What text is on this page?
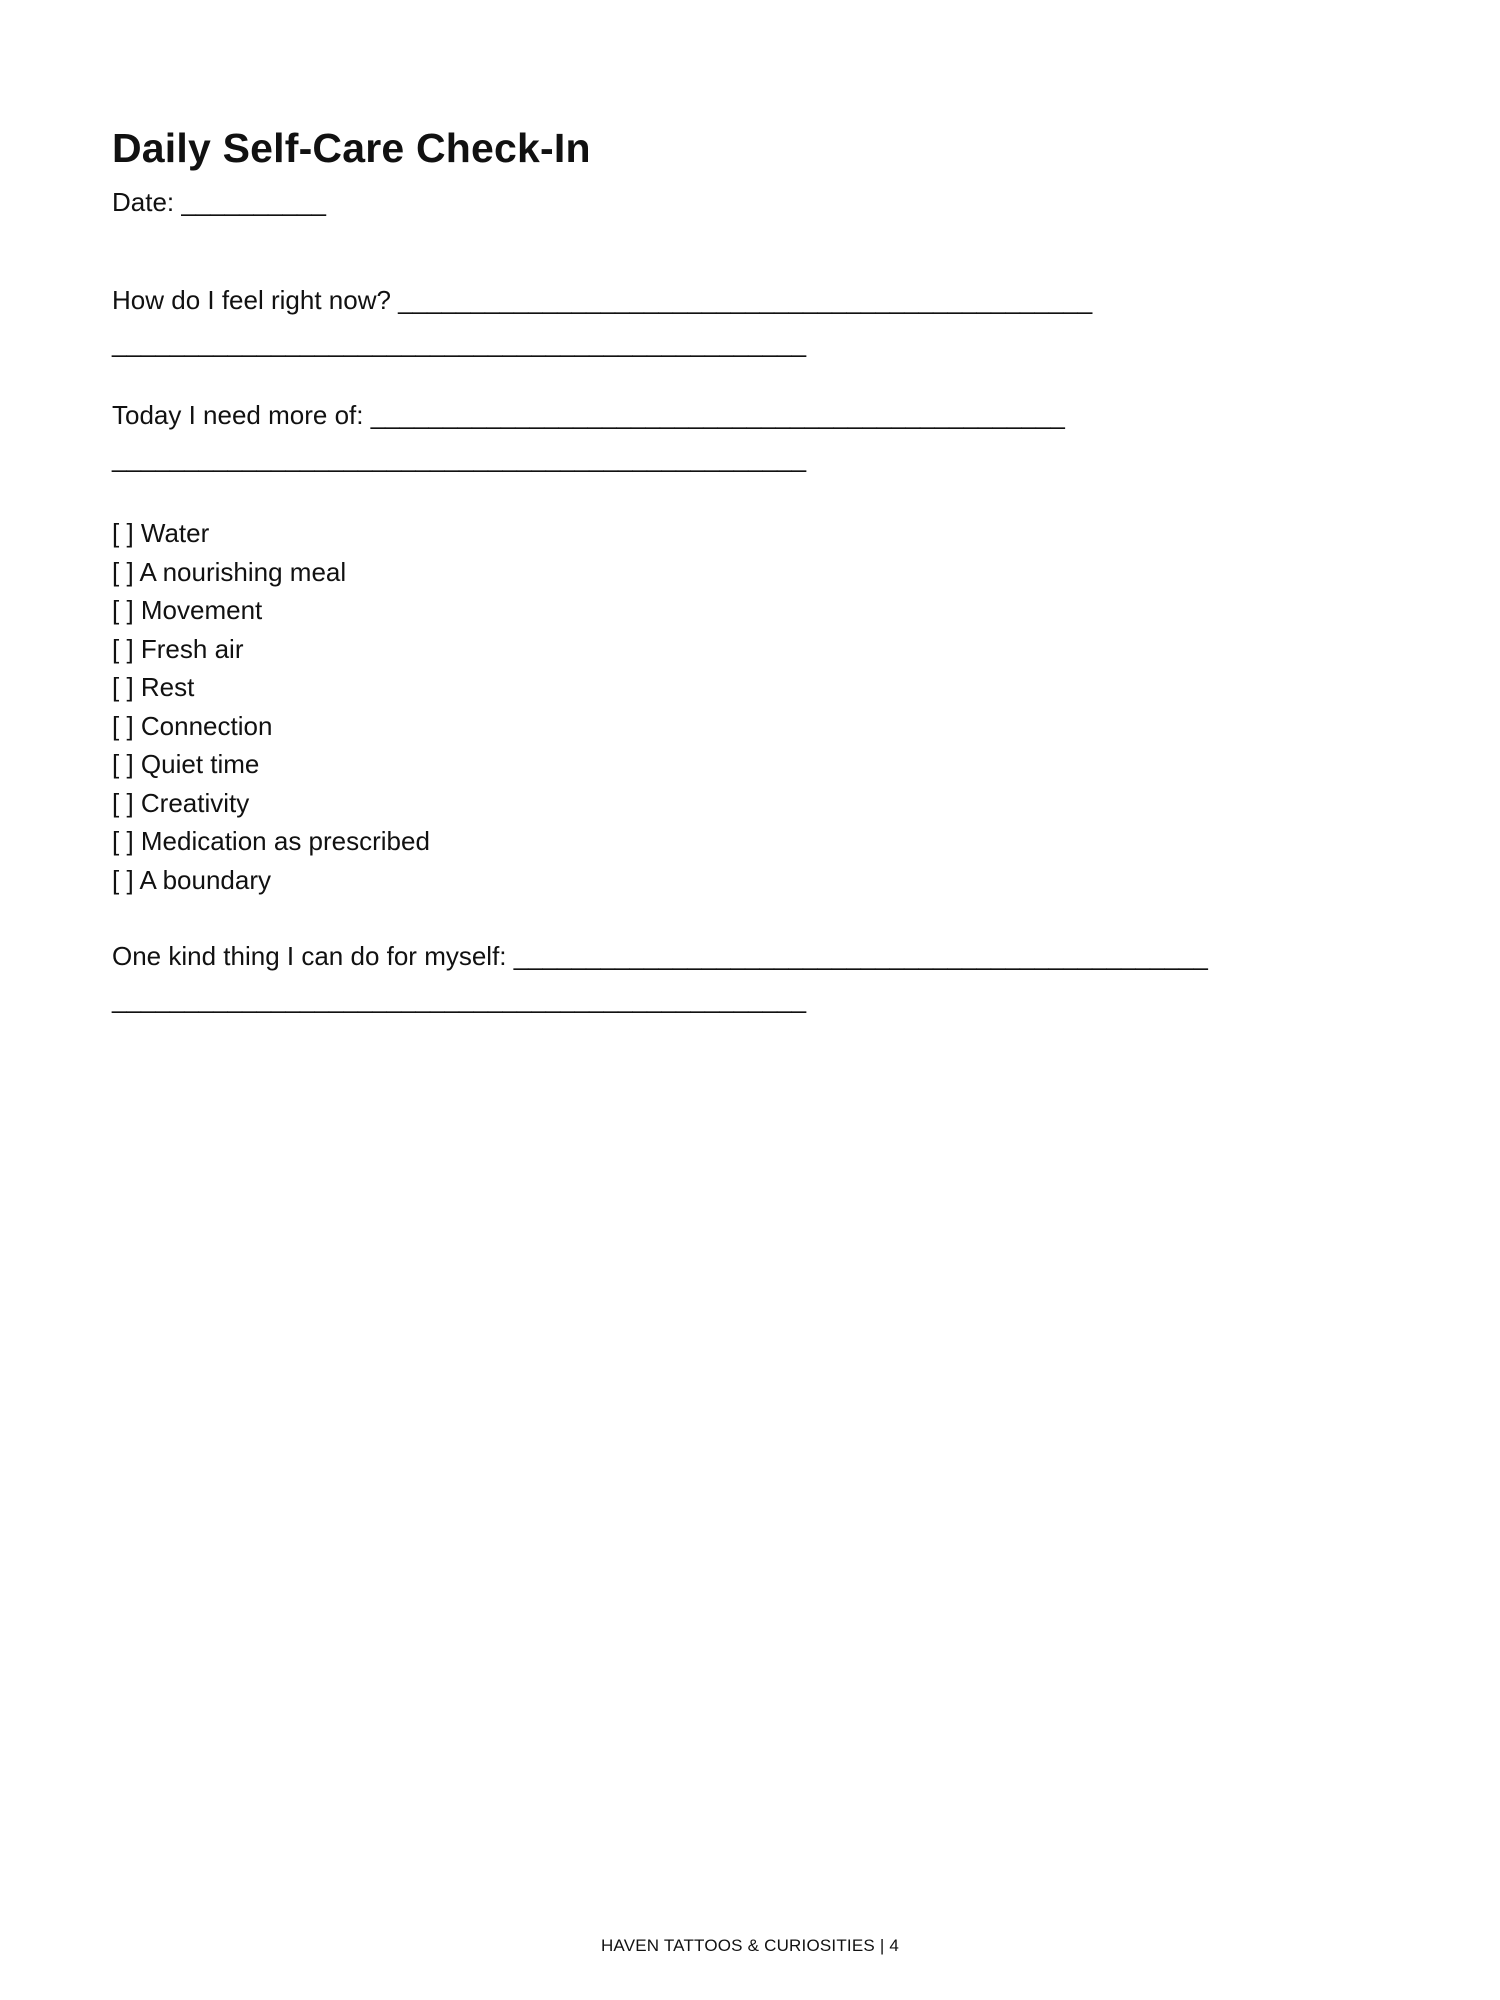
Daily Self-Care Check-In

Date: __________

How do I feel right now? ________________________________________________

________________________________________________

Today I need more of: ________________________________________________

________________________________________________

[ ] Water
[ ] A nourishing meal
[ ] Movement
[ ] Fresh air
[ ] Rest
[ ] Connection
[ ] Quiet time
[ ] Creativity
[ ] Medication as prescribed
[ ] A boundary

One kind thing I can do for myself: ________________________________________________

________________________________________________

HAVEN TATTOOS & CURIOSITIES | 4
